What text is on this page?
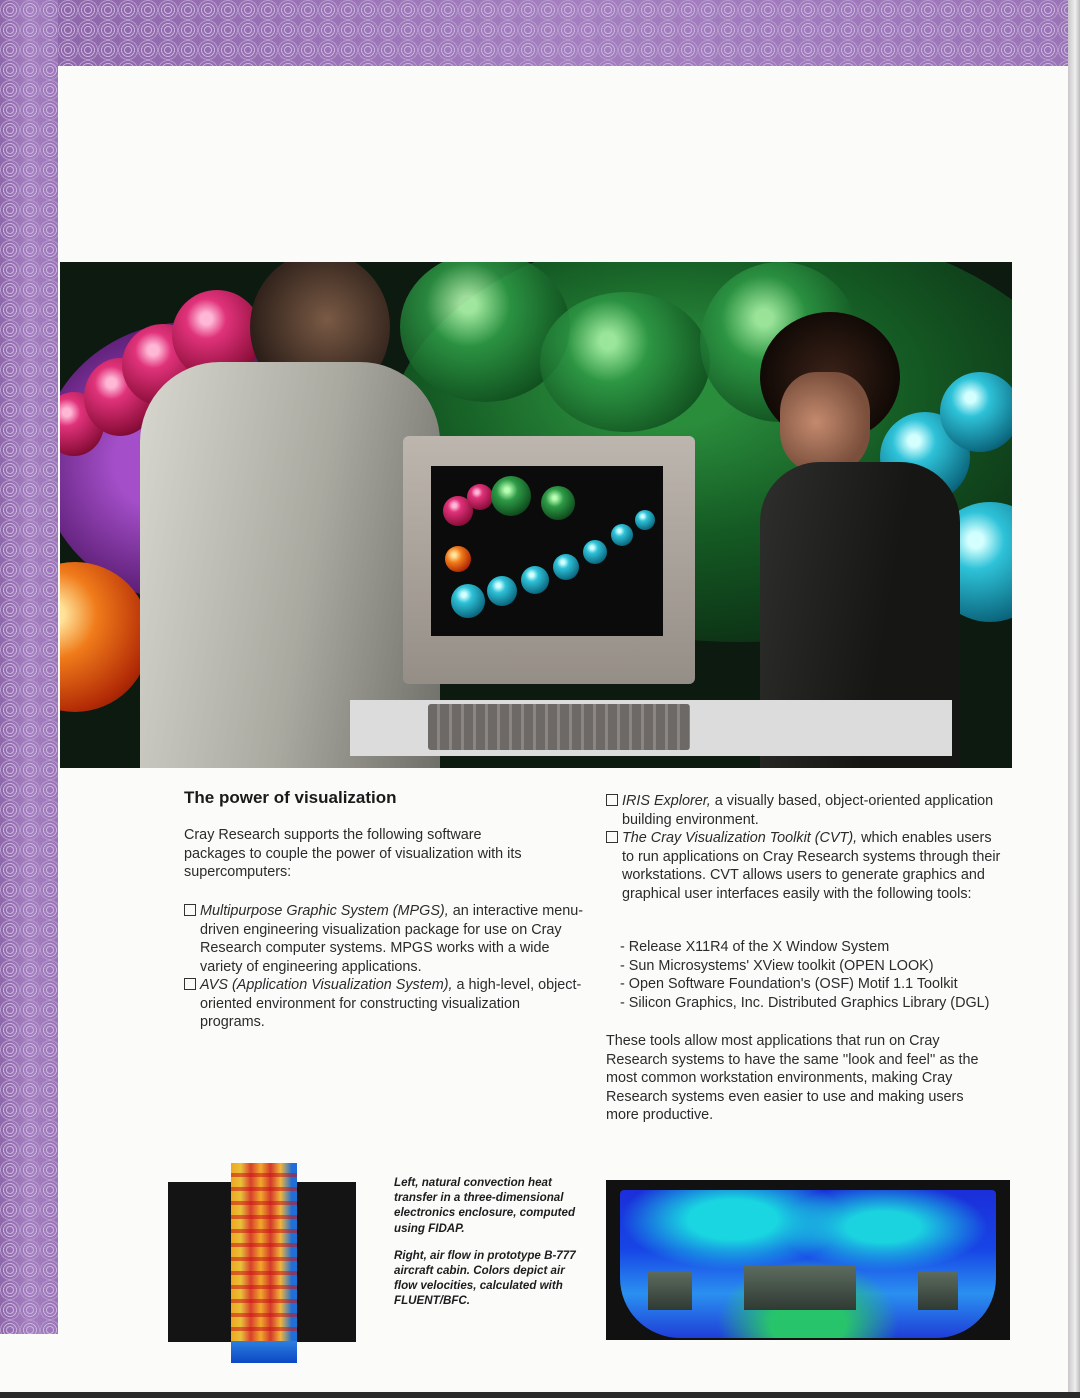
The power of visualization
Cray Research supports the following software packages to couple the power of visualization with its supercomputers:

Multipurpose Graphic System (MPGS), an interactive menu-driven engineering visualization package for use on Cray Research computer systems. MPGS works with a wide variety of engineering applications.

AVS (Application Visualization System), a high-level, object-oriented environment for constructing visualization programs.

IRIS Explorer, a visually based, object-oriented application building environment.

The Cray Visualization Toolkit (CVT), which enables users to run applications on Cray Research systems through their workstations. CVT allows users to generate graphics and graphical user interfaces easily with the following tools:

- Release X11R4 of the X Window System

- Sun Microsystems' XView toolkit (OPEN LOOK)

- Open Software Foundation's (OSF) Motif 1.1 Toolkit

- Silicon Graphics, Inc. Distributed Graphics Library (DGL)

These tools allow most applications that run on Cray Research systems to have the same ''look and feel'' as the most common workstation environments, making Cray Research systems even easier to use and making users more productive.

Left, natural convection heat transfer in a three-dimensional electronics enclosure, computed using FIDAP.

Right, air flow in prototype B-777 aircraft cabin. Colors depict air flow velocities, calculated with FLUENT/BFC.
